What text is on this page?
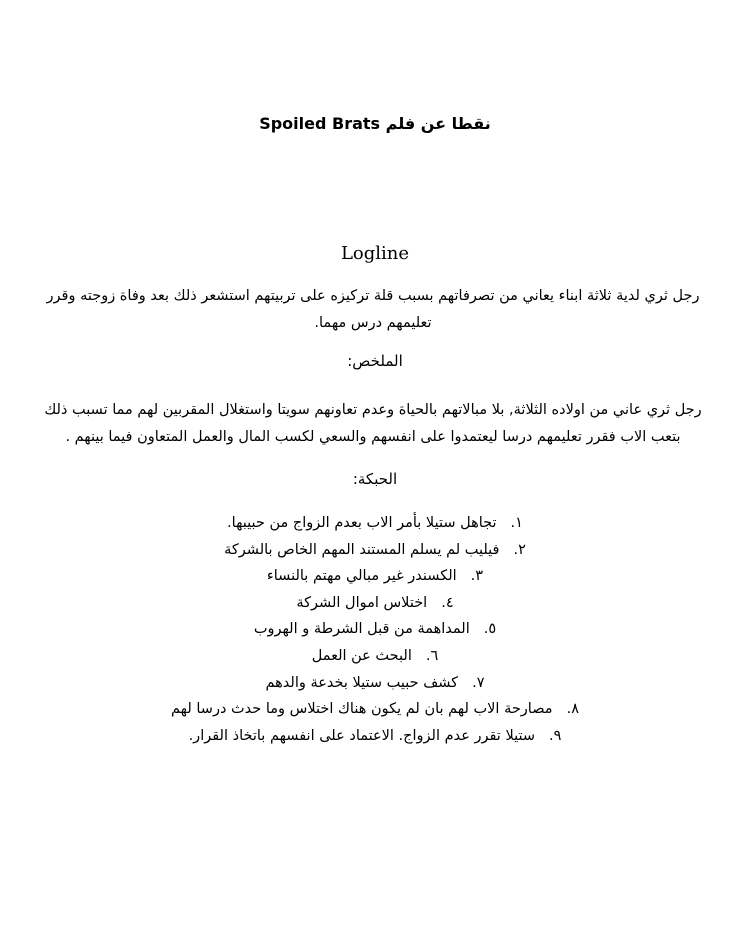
نقطا عن فلم Spoiled Brats
Logline
رجل ثري لدية ثلاثة ابناء يعاني من تصرفاتهم بسبب قلة تركيزه على تربيتهم استشعر ذلك بعد وفاة زوجته وقرر تعليمهم درس مهما.
الملخص:
رجل ثري عاني من اولاده الثلاثة, بلا مبالاتهم بالحياة وعدم تعاونهم سويتا واستغلال المقربين لهم مما تسبب ذلك بتعب الاب فقرر تعليمهم درسا ليعتمدوا على انفسهم والسعي لكسب المال والعمل المتعاون فيما بينهم .
الحبكة:
١.تجاهل ستيلا بأمر الاب بعدم الزواج من حبيبها.
٢.فيليب لم يسلم المستند المهم الخاص بالشركة
٣.الكسندر غير مبالي مهتم بالنساء
٤.اختلاس اموال الشركة
٥.المداهمة من قبل الشرطة و الهروب
٦.البحث عن العمل
٧.كشف حبيب ستيلا بخدعة والدهم
٨.مصارحة الاب لهم بان لم يكون هناك اختلاس وما حدث درسا لهم
٩.ستيلا تقرر عدم الزواج. الاعتماد على انفسهم باتخاذ القرار.
